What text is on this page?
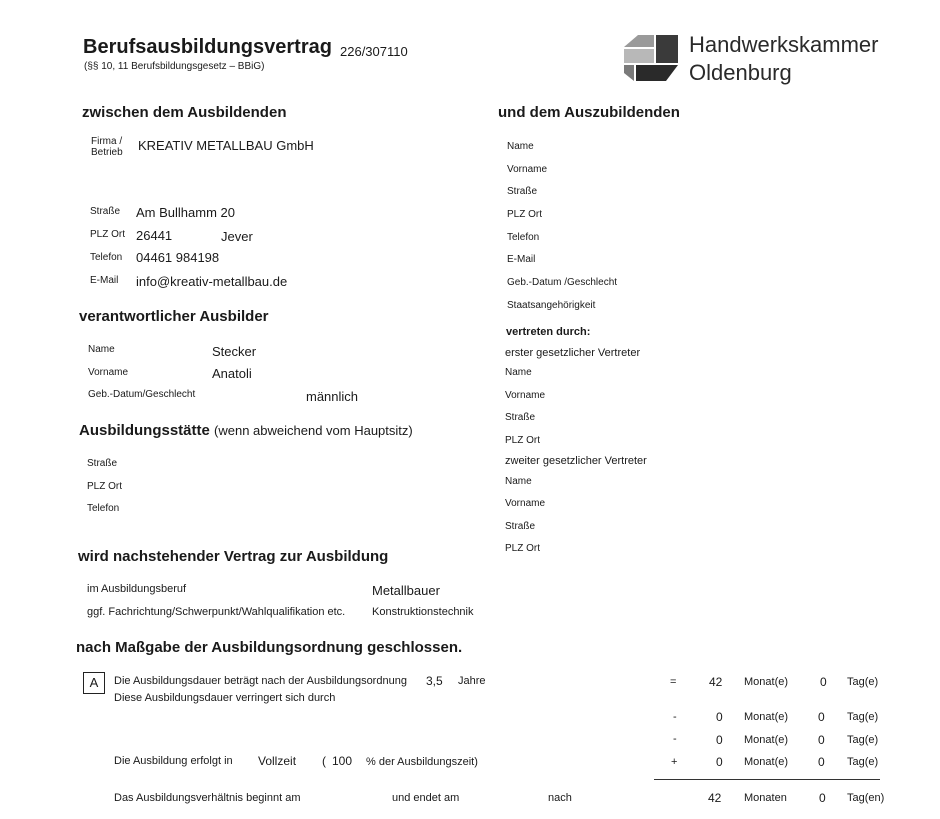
Berufsausbildungsvertrag 226/307110
(§§ 10, 11 Berufsbildungsgesetz – BBiG)
Handwerkskammer
Oldenburg
zwischen dem Ausbildenden
Firma /
Betrieb KREATIV METALLBAU GmbH
Straße Am Bullhamm 20
PLZ Ort 26441	Jever
Telefon 04461 984198
E-Mail info@kreativ-metallbau.de
verantwortlicher Ausbilder
Name	Stecker
Vorname	Anatoli
Geb.-Datum/Geschlecht	männlich
Ausbildungsstätte (wenn abweichend vom Hauptsitz)
Straße
PLZ Ort
Telefon
und dem Auszubildenden
Name
Vorname
Straße
PLZ Ort
Telefon
E-Mail
Geb.-Datum /Geschlecht
Staatsangehörigkeit
vertreten durch:
erster gesetzlicher Vertreter
Name
Vorname
Straße
PLZ Ort
zweiter gesetzlicher Vertreter
Name
Vorname
Straße
PLZ Ort
wird nachstehender Vertrag zur Ausbildung
im Ausbildungsberuf	Metallbauer
ggf. Fachrichtung/Schwerpunkt/Wahlqualifikation etc. Konstruktionstechnik
nach Maßgabe der Ausbildungsordnung geschlossen.
A	Die Ausbildungsdauer beträgt nach der Ausbildungsordnung 3,5 Jahre
Diese Ausbildungsdauer verringert sich durch
Die Ausbildung erfolgt in Vollzeit ( 100 % der Ausbildungszeit)
=	42 Monat(e)	0 Tag(e)
-	0 Monat(e) 0 Tag(e)
-	0 Monat(e) 0 Tag(e)
+	0 Monat(e) 0 Tag(e)
Das Ausbildungsverhältnis beginnt am	und endet am	nach	42 Monaten	0 Tag(en)
